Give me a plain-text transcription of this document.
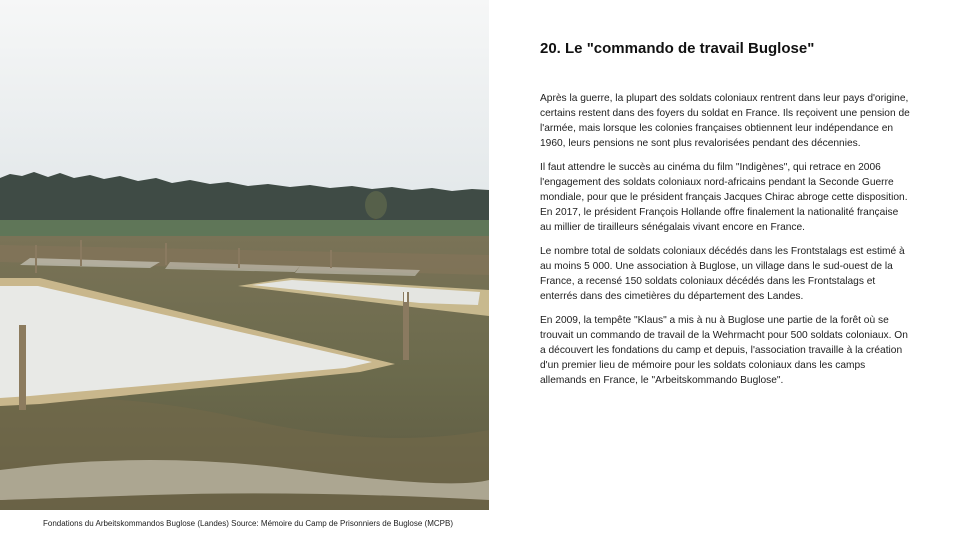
Fondations du Arbeitskommandos Buglose (Landes) Source: Mémoire du Camp de Prisonniers de Buglose (MCPB)
20. Le "commando de travail Buglose"

Après la guerre, la plupart des soldats coloniaux rentrent dans leur pays d'origine, certains restent dans des foyers du soldat en France. Ils reçoivent une pension de l'armée, mais lorsque les colonies françaises obtiennent leur indépendance en 1960, leurs pensions ne sont plus revalorisées pendant des décennies.

Il faut attendre le succès au cinéma du film "Indigènes", qui retrace en 2006 l'engagement des soldats coloniaux nord-africains pendant la Seconde Guerre mondiale, pour que le président français Jacques Chirac abroge cette disposition. En 2017, le président François Hollande offre finalement la nationalité française au millier de tirailleurs sénégalais vivant encore en France.

Le nombre total de soldats coloniaux décédés dans les Frontstalags est estimé à au moins 5 000. Une association à Buglose, un village dans le sud-ouest de la France, a recensé 150 soldats coloniaux décédés dans les Frontstalags et enterrés dans des cimetières du département des Landes.

En 2009, la tempête "Klaus" a mis à nu à Buglose une partie de la forêt où se trouvait un commando de travail de la Wehrmacht pour 500 soldats coloniaux. On a découvert les fondations du camp et depuis, l'association travaille à la création d'un premier lieu de mémoire pour les soldats coloniaux dans les camps allemands en France, le "Arbeitskommando Buglose".
